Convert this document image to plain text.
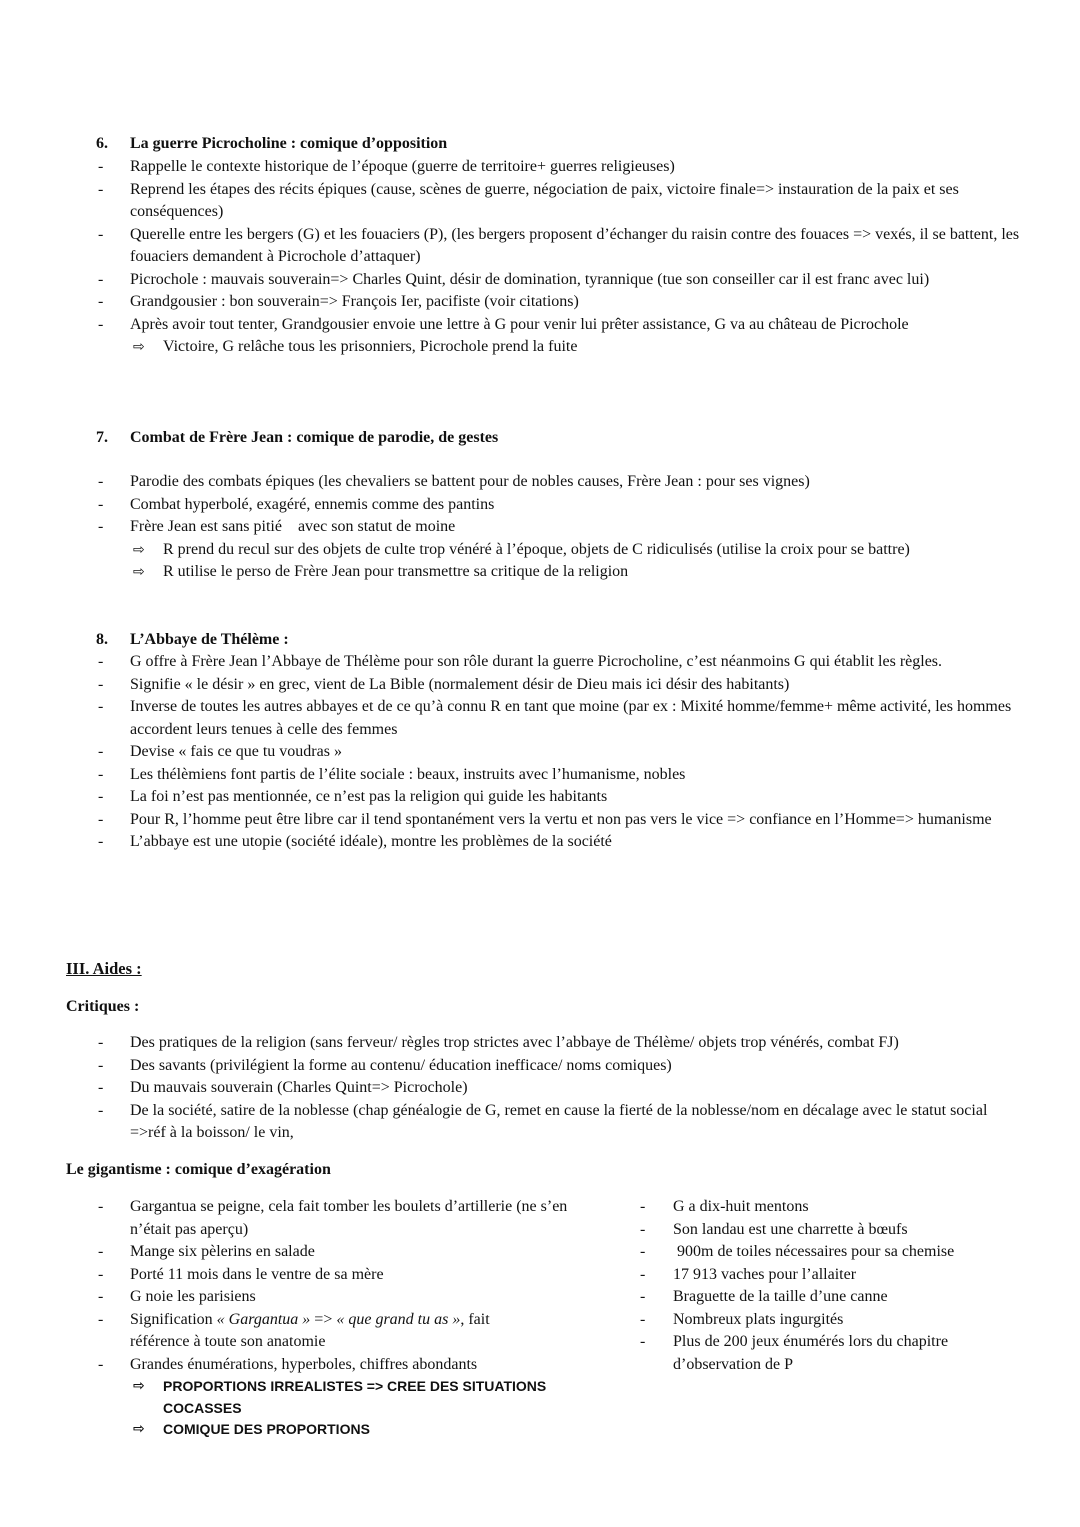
6. La guerre Picrocholine : comique d’opposition
- Rappelle le contexte historique de l’époque (guerre de territoire+ guerres religieuses)
- Reprend les étapes des récits épiques (cause, scènes de guerre, négociation de paix, victoire finale=> instauration de la paix et ses conséquences)
- Querelle entre les bergers (G) et les fouaciers (P), (les bergers proposent d’échanger du raisin contre des fouaces => vexés, il se battent, les fouaciers demandent à Picrochole d’attaquer)
- Picrochole : mauvais souverain=> Charles Quint, désir de domination, tyrannique (tue son conseiller car il est franc avec lui)
- Grandgousier : bon souverain=> François Ier, pacifiste (voir citations)
- Après avoir tout tenter, Grandgousier envoie une lettre à G pour venir lui prêter assistance, G va au château de Picrochole
⇨ Victoire, G relâche tous les prisonniers, Picrochole prend la fuite
7. Combat de Frère Jean : comique de parodie, de gestes
- Parodie des combats épiques (les chevaliers se battent pour de nobles causes, Frère Jean : pour ses vignes)
- Combat hyperbolé, exagéré, ennemis comme des pantins
- Frère Jean est sans pitié    avec son statut de moine
⇨ R prend du recul sur des objets de culte trop vénéré à l’époque, objets de C ridiculisés (utilise la croix pour se battre)
⇨ R utilise le perso de Frère Jean pour transmettre sa critique de la religion
8. L’Abbaye de Thélème :
- G offre à Frère Jean l’Abbaye de Thélème pour son rôle durant la guerre Picrocholine, c’est néanmoins G qui établit les règles.
- Signifie « le désir » en grec, vient de La Bible (normalement désir de Dieu mais ici désir des habitants)
- Inverse de toutes les autres abbayes et de ce qu’à connu R en tant que moine (par ex : Mixité homme/femme+ même activité, les hommes accordent leurs tenues à celle des femmes
- Devise « fais ce que tu voudras »
- Les thélèmiens font partis de l’élite sociale : beaux, instruits avec l’humanisme, nobles
- La foi n’est pas mentionnée, ce n’est pas la religion qui guide les habitants
- Pour R, l’homme peut être libre car il tend spontanément vers la vertu et non pas vers le vice => confiance en l’Homme=> humanisme
- L’abbaye est une utopie (société idéale), montre les problèmes de la société
III. Aides :
Critiques :
- Des pratiques de la religion (sans ferveur/ règles trop strictes avec l’abbaye de Thélème/ objets trop vénérés, combat FJ)
- Des savants (privilégient la forme au contenu/ éducation inefficace/ noms comiques)
- Du mauvais souverain (Charles Quint=> Picrochole)
- De la société, satire de la noblesse (chap généalogie de G, remet en cause la fierté de la noblesse/nom en décalage avec le statut social =>réf à la boisson/ le vin,
Le gigantisme : comique d’exagération
- Gargantua se peigne, cela fait tomber les boulets d’artillerie (ne s’en n’était pas aperçu)
- Mange six pèlerins en salade
- Porté 11 mois dans le ventre de sa mère
- G noie les parisiens
- Signification « Gargantua » => « que grand tu as », fait référence à toute son anatomie
- Grandes énumérations, hyperboles, chiffres abondants
⇨ PROPORTIONS IRREALISTES => CREE DES SITUATIONS COCASSES
⇨ COMIQUE DES PROPORTIONS
- G a dix-huit mentons
- Son landau est une charrette à bœufs
- 900m de toiles nécessaires pour sa chemise
- 17 913 vaches pour l’allaiter
- Braguette de la taille d’une canne
- Nombreux plats ingurgités
- Plus de 200 jeux énumérés lors du chapitre d’observation de P
